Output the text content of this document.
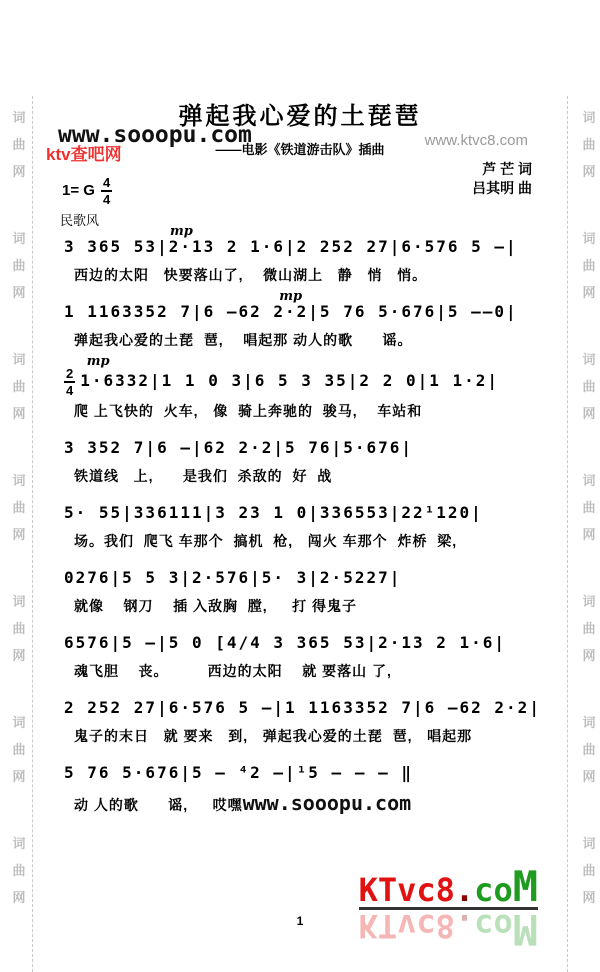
词
曲
网
词
曲
网
词
曲
网
词
曲
网
词
曲
网
词
曲
网
词
曲
网
词
曲
网
词
曲
网
词
曲
网
词
曲
网
词
曲
网
词
曲
网
词
曲
网
ktv查吧网
www.sooopu.com	www.ktvc8.com
弹起我心爱的土琵琶
——电影《铁道游击队》插曲
1= G $\frac{4}{4}$
芦 芒 词
吕其明 曲
民歌风
mp
3 365 53|2·13 2 1·6|2 252 27|6·576 5 —|
西边的太阳   快要落山了,    微山湖上   静   悄   悄。
mp
1 1163352 7|6 —62 2·2|5 76 5·676|5 ——0|
弹起我心爱的土琵  琶,    唱起那 动人的歌      谣。
mp
$\frac{2}{4} 1\cdot 6332|1$ 1 0 3|6 5 3 35|2 2 0|1 1·2|
爬 上飞快的  火车,   像  骑上奔驰的  骏马,    车站和
3 352 7|6 —|62 2·2|5 76|5·676|
铁道线   上,      是我们  杀敌的  好  战
5· 55|336111|3 23 1 0|336553|22¹120|
场。我们  爬飞 车那个  搞机  枪,   闯火 车那个  炸桥  梁,
0276|5 5 3|2·576|5· 3|2·5227|
就像    钢刀    插 入敌胸  膛,     打 得鬼子
6576|5 —|5 0 [4/4 3 365 53|2·13 2 1·6|
魂飞胆    丧。        西边的太阳    就 要落山 了,
2 252 27|6·576 5 —|1 1163352 7|6 —62 2·2|
鬼子的末日   就 要来   到,   弹起我心爱的土琵  琶,   唱起那
5 76 5·676|5 — ⁴2 —|¹5 — — — ‖
动 人的歌      谣,     哎嘿www.sooopu.com
1
KTvc8.coM
KTvc8.coM
